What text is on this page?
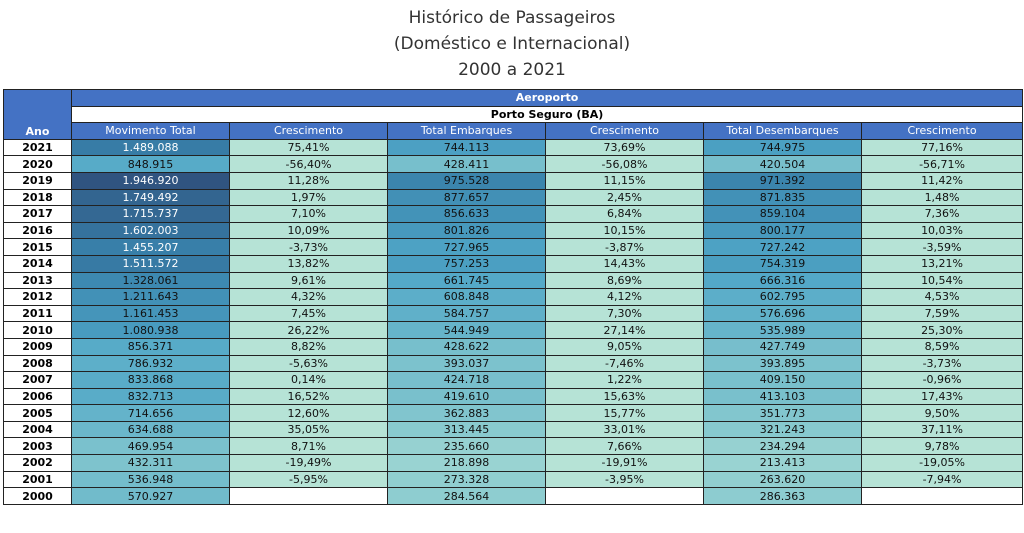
Histórico de Passageiros
(Doméstico e Internacional)
2000 a 2021
Ano	Aeroporto					
	Porto Seguro (BA)					
	Movimento Total	Crescimento	Total Embarques	Crescimento	Total Desembarques	Crescimento
2021	1.489.088	75,41%	744.113	73,69%	744.975	77,16%
2020	848.915	-56,40%	428.411	-56,08%	420.504	-56,71%
2019	1.946.920	11,28%	975.528	11,15%	971.392	11,42%
2018	1.749.492	1,97%	877.657	2,45%	871.835	1,48%
2017	1.715.737	7,10%	856.633	6,84%	859.104	7,36%
2016	1.602.003	10,09%	801.826	10,15%	800.177	10,03%
2015	1.455.207	-3,73%	727.965	-3,87%	727.242	-3,59%
2014	1.511.572	13,82%	757.253	14,43%	754.319	13,21%
2013	1.328.061	9,61%	661.745	8,69%	666.316	10,54%
2012	1.211.643	4,32%	608.848	4,12%	602.795	4,53%
2011	1.161.453	7,45%	584.757	7,30%	576.696	7,59%
2010	1.080.938	26,22%	544.949	27,14%	535.989	25,30%
2009	856.371	8,82%	428.622	9,05%	427.749	8,59%
2008	786.932	-5,63%	393.037	-7,46%	393.895	-3,73%
2007	833.868	0,14%	424.718	1,22%	409.150	-0,96%
2006	832.713	16,52%	419.610	15,63%	413.103	17,43%
2005	714.656	12,60%	362.883	15,77%	351.773	9,50%
2004	634.688	35,05%	313.445	33,01%	321.243	37,11%
2003	469.954	8,71%	235.660	7,66%	234.294	9,78%
2002	432.311	-19,49%	218.898	-19,91%	213.413	-19,05%
2001	536.948	-5,95%	273.328	-3,95%	263.620	-7,94%
2000	570.927		284.564		286.363	
